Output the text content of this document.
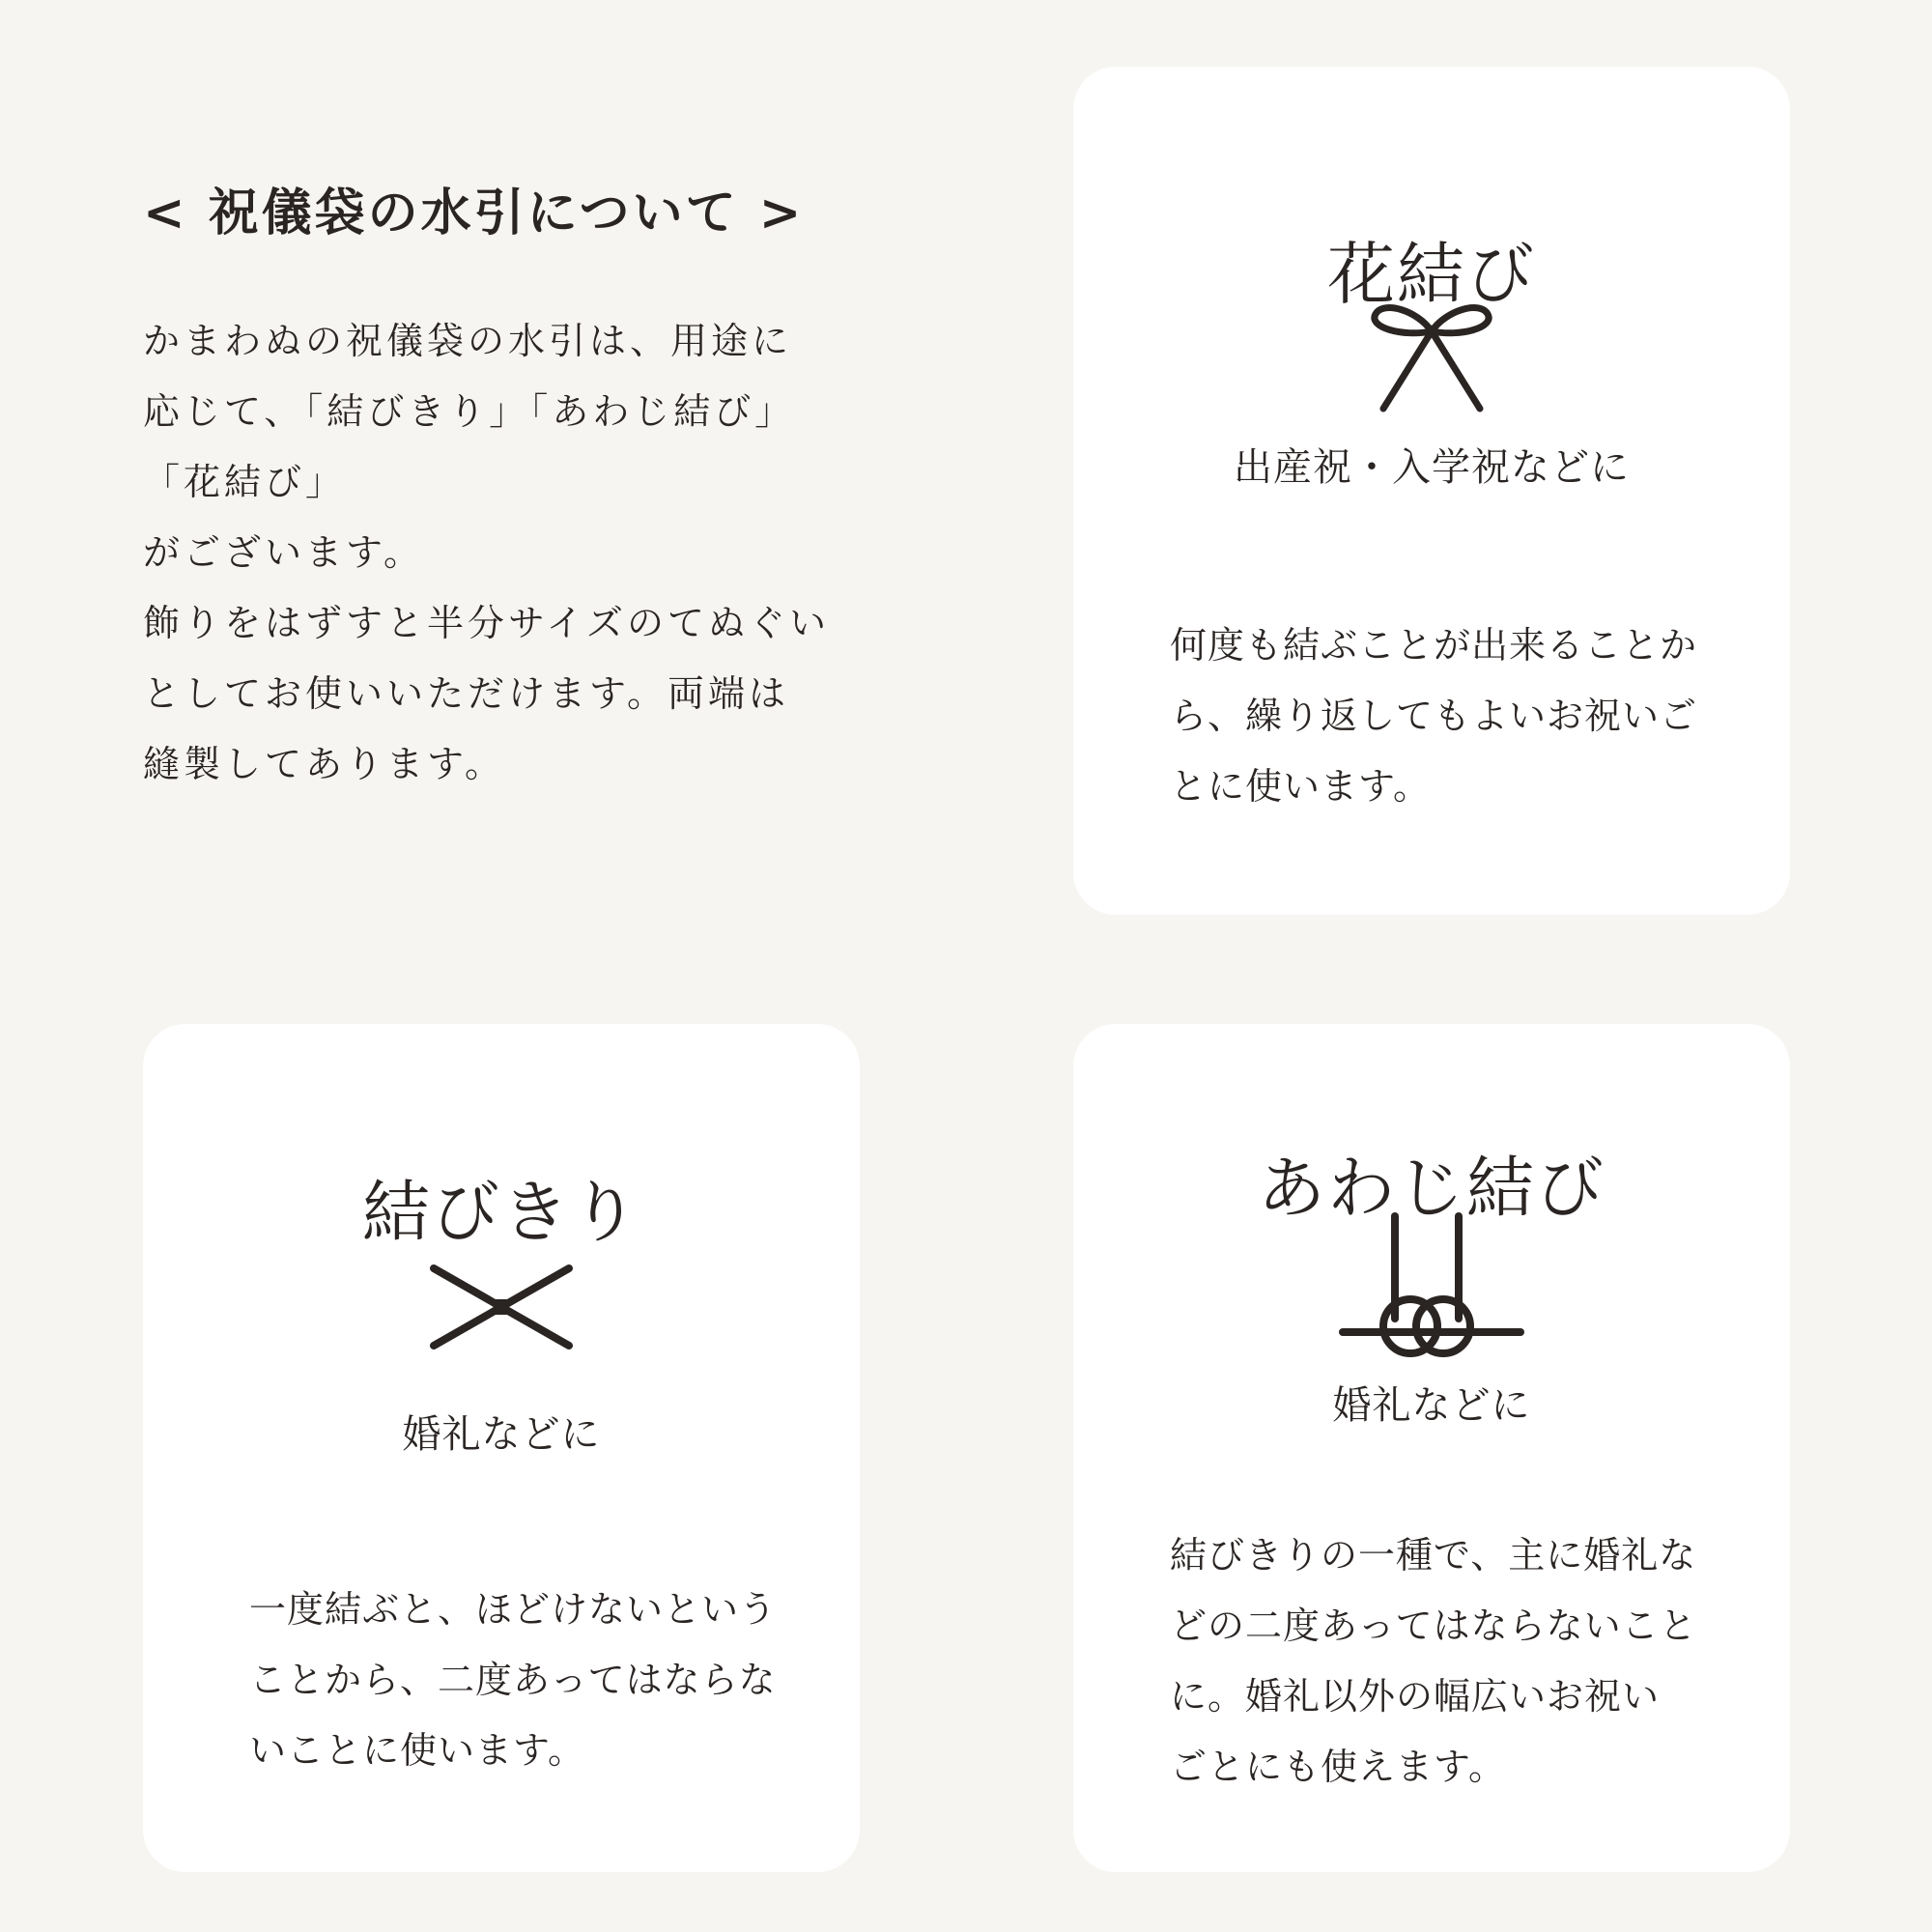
< 祝儀袋の水引について >

かまわぬの祝儀袋の水引は、用途に

応じて、「結びきり」「あわじ結び」「花結び」

がございます。

飾りをはずすと半分サイズのてぬぐい

としてお使いいただけます。両端は

縫製してあります。

花結び
出産祝・入学祝などに

何度も結ぶことが出来ることか

ら、繰り返してもよいお祝いご

とに使います。

結びきり
婚礼などに

一度結ぶと、ほどけないという

ことから、二度あってはならな

いことに使います。

あわじ結び
婚礼などに

結びきりの一種で、主に婚礼な

どの二度あってはならないこと

に。婚礼以外の幅広いお祝い

ごとにも使えます。
